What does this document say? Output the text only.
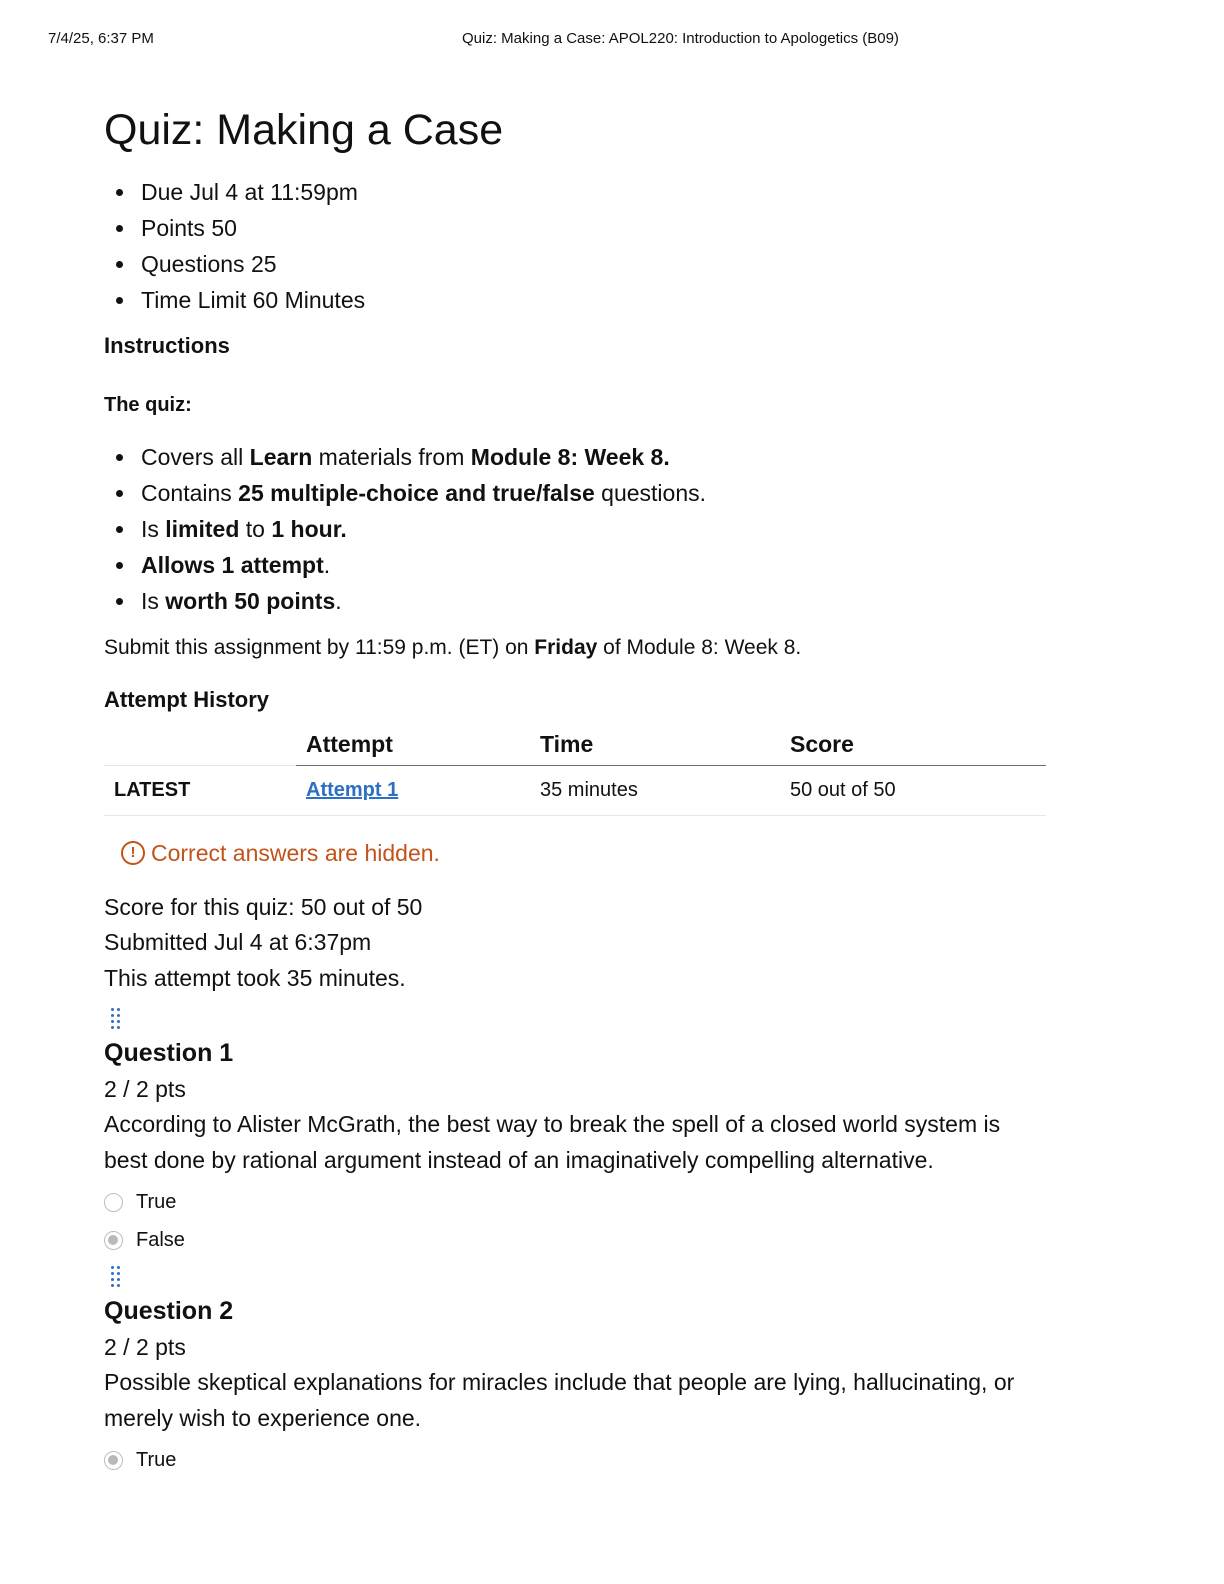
7/4/25, 6:37 PM	Quiz: Making a Case: APOL220: Introduction to Apologetics (B09)
Quiz: Making a Case
Due Jul 4 at 11:59pm
Points 50
Questions 25
Time Limit 60 Minutes
Instructions
The quiz:
Covers all Learn materials from Module 8: Week 8.
Contains 25 multiple-choice and true/false questions.
Is limited to 1 hour.
Allows 1 attempt.
Is worth 50 points.

Submit this assignment by 11:59 p.m. (ET) on Friday of Module 8: Week 8.

Attempt History
	Attempt	Time	Score
LATEST	Attempt 1	35 minutes	50 out of 50
! Correct answers are hidden.
Score for this quiz: 50 out of 50
Submitted Jul 4 at 6:37pm
This attempt took 35 minutes.
Question 1
2 / 2 pts
According to Alister McGrath, the best way to break the spell of a closed world system is best done by rational argument instead of an imaginatively compelling alternative.
True
False
Question 2
2 / 2 pts
Possible skeptical explanations for miracles include that people are lying, hallucinating, or merely wish to experience one.
True
